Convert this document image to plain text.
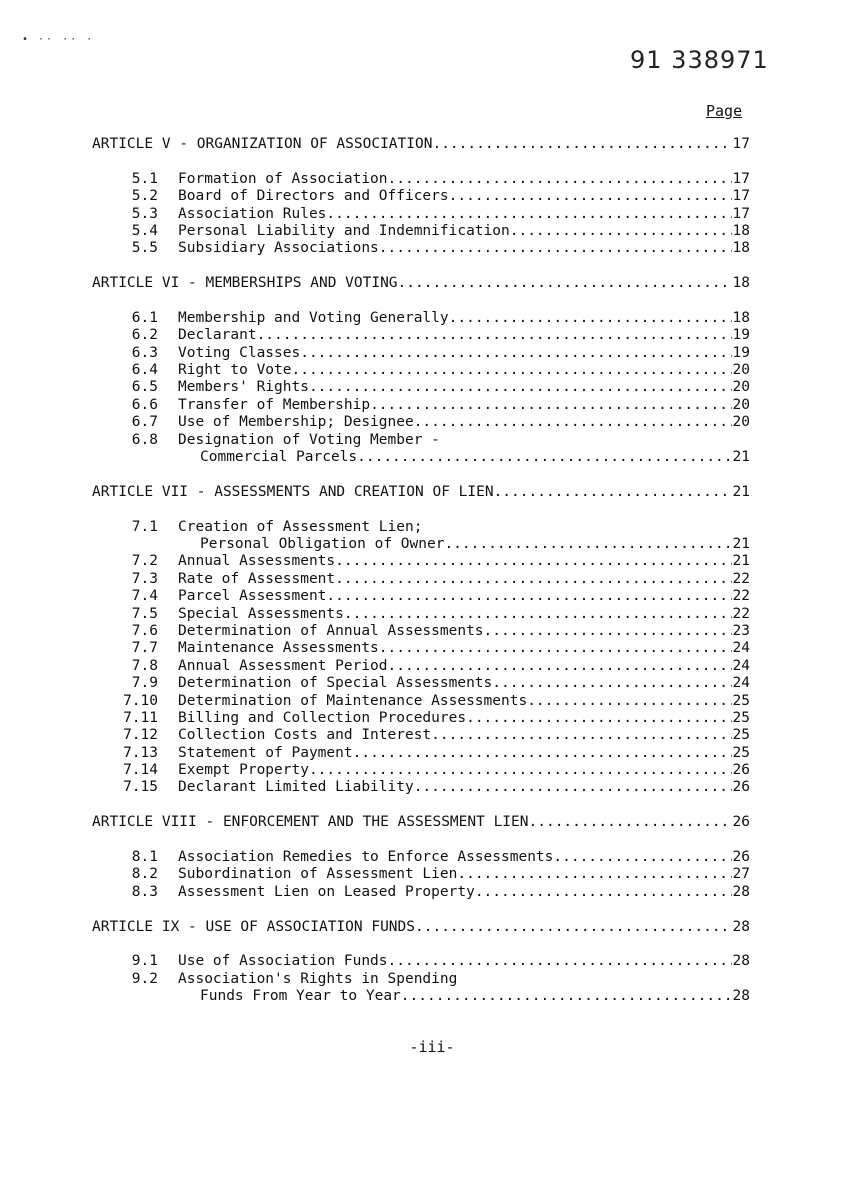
• ·· ·· ·
91 338971
Page
ARTICLE V - ORGANIZATION OF ASSOCIATION .....	17
5.1	Formation of Association .....	17
5.2	Board of Directors and Officers .....	17
5.3	Association Rules .....	17
5.4	Personal Liability and Indemnification .....	18
5.5	Subsidiary Associations .....	18
ARTICLE VI - MEMBERSHIPS AND VOTING .....	18
6.1	Membership and Voting Generally .....	18
6.2	Declarant .....	19
6.3	Voting Classes .....	19
6.4	Right to Vote .....	20
6.5	Members' Rights .....	20
6.6	Transfer of Membership .....	20
6.7	Use of Membership; Designee .....	20
6.8	Designation of Voting Member -
Commercial Parcels .....	21
ARTICLE VII - ASSESSMENTS AND CREATION OF LIEN .....	21
7.1	Creation of Assessment Lien;
Personal Obligation of Owner .....	21
7.2	Annual Assessments .....	21
7.3	Rate of Assessment .....	22
7.4	Parcel Assessment .....	22
7.5	Special Assessments .....	22
7.6	Determination of Annual Assessments .....	23
7.7	Maintenance Assessments .....	24
7.8	Annual Assessment Period .....	24
7.9	Determination of Special Assessments .....	24
7.10	Determination of Maintenance Assessments .....	25
7.11	Billing and Collection Procedures .....	25
7.12	Collection Costs and Interest .....	25
7.13	Statement of Payment .....	25
7.14	Exempt Property .....	26
7.15	Declarant Limited Liability .....	26
ARTICLE VIII - ENFORCEMENT AND THE ASSESSMENT LIEN .....	26
8.1	Association Remedies to Enforce Assessments .....	26
8.2	Subordination of Assessment Lien .....	27
8.3	Assessment Lien on Leased Property .....	28
ARTICLE IX - USE OF ASSOCIATION FUNDS .....	28
9.1	Use of Association Funds .....	28
9.2	Association's Rights in Spending
Funds From Year to Year .....	28
-iii-
